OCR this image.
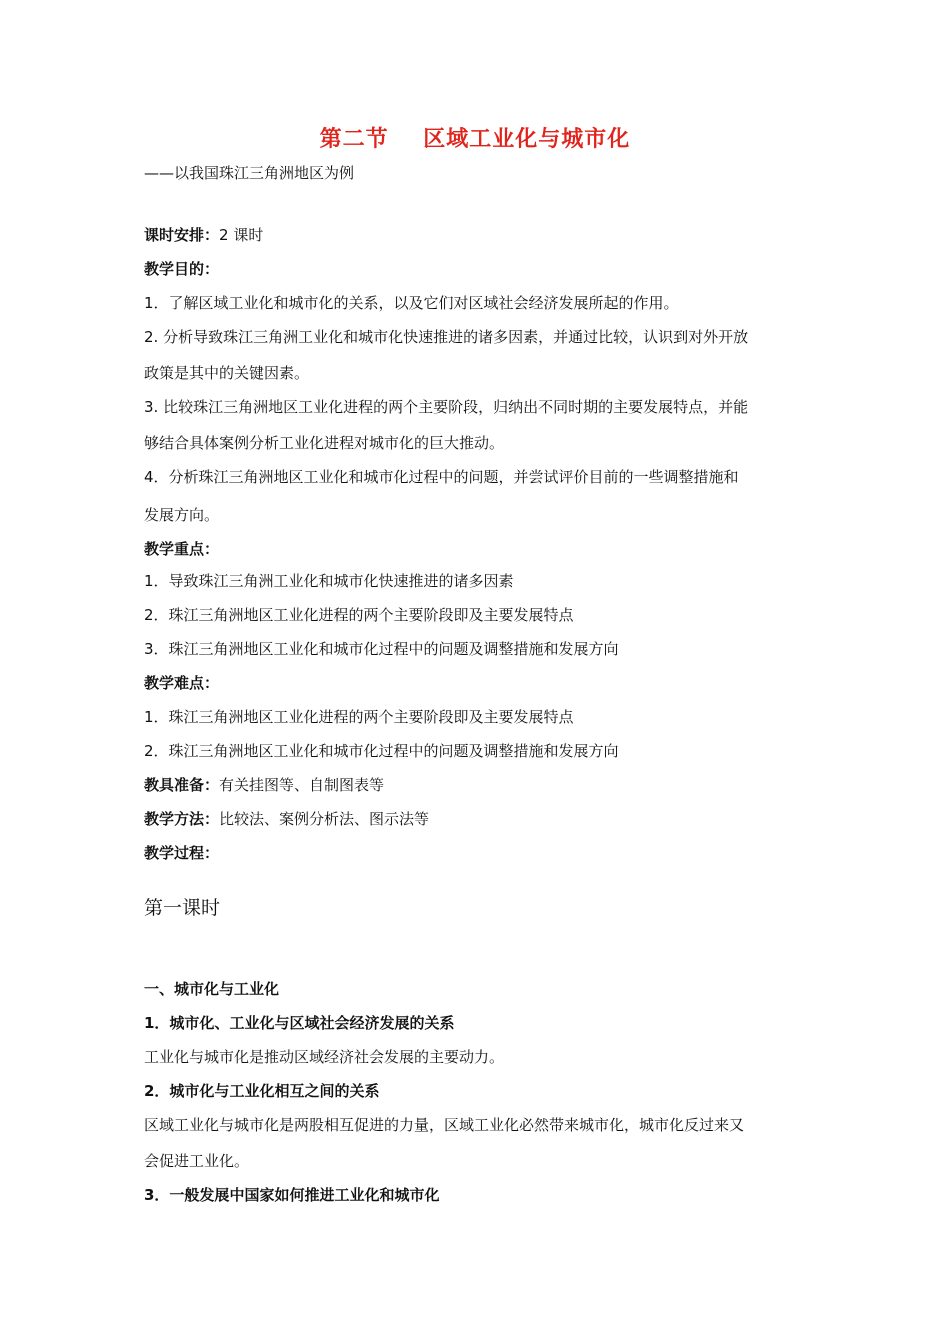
第二节    区域工业化与城市化
——以我国珠江三角洲地区为例
课时安排：2 课时
教学目的：
1．了解区域工业化和城市化的关系，以及它们对区域社会经济发展所起的作用。
2. 分析导致珠江三角洲工业化和城市化快速推进的诸多因素，并通过比较，认识到对外开放
政策是其中的关键因素。
3. 比较珠江三角洲地区工业化进程的两个主要阶段，归纳出不同时期的主要发展特点，并能
够结合具体案例分析工业化进程对城市化的巨大推动。
4．分析珠江三角洲地区工业化和城市化过程中的问题，并尝试评价目前的一些调整措施和
发展方向。
教学重点：
1．导致珠江三角洲工业化和城市化快速推进的诸多因素
2．珠江三角洲地区工业化进程的两个主要阶段即及主要发展特点
3．珠江三角洲地区工业化和城市化过程中的问题及调整措施和发展方向
教学难点：
1．珠江三角洲地区工业化进程的两个主要阶段即及主要发展特点
2．珠江三角洲地区工业化和城市化过程中的问题及调整措施和发展方向
教具准备：有关挂图等、自制图表等
教学方法：比较法、案例分析法、图示法等
教学过程：
第一课时
一、城市化与工业化
1．城市化、工业化与区域社会经济发展的关系
工业化与城市化是推动区域经济社会发展的主要动力。
2．城市化与工业化相互之间的关系
区域工业化与城市化是两股相互促进的力量，区域工业化必然带来城市化，城市化反过来又
会促进工业化。
3．一般发展中国家如何推进工业化和城市化
